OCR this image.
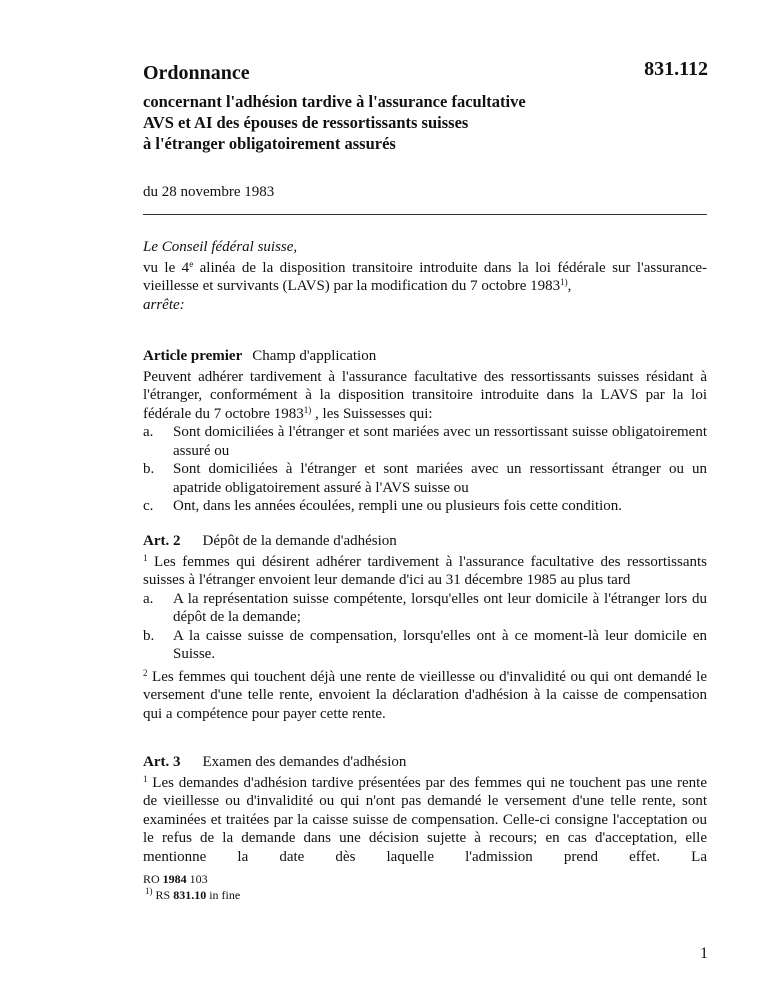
Ordonnance	831.112
concernant l'adhésion tardive à l'assurance facultative
AVS et AI des épouses de ressortissants suisses
à l'étranger obligatoirement assurés
du 28 novembre 1983
Le Conseil fédéral suisse,
vu le 4e alinéa de la disposition transitoire introduite dans la loi fédérale sur l'assurance-vieillesse et survivants (LAVS) par la modification du 7 octobre 1983$^{1)}$,
arrête:
Article premier Champ d'application
Peuvent adhérer tardivement à l'assurance facultative des ressortissants suisses résidant à l'étranger, conformément à la disposition transitoire introduite dans la LAVS par la loi fédérale du 7 octobre 1983$^{1)}$ , les Suissesses qui:
a.	Sont domiciliées à l'étranger et sont mariées avec un ressortissant suisse obligatoirement assuré ou
b.	Sont domiciliées à l'étranger et sont mariées avec un ressortissant étranger ou un apatride obligatoirement assuré à l'AVS suisse ou
c.	Ont, dans les années écoulées, rempli une ou plusieurs fois cette condition.
Art. 2 Dépôt de la demande d'adhésion
$^1$ Les femmes qui désirent adhérer tardivement à l'assurance facultative des ressortissants suisses à l'étranger envoient leur demande d'ici au 31 décembre 1985 au plus tard
a.	A la représentation suisse compétente, lorsqu'elles ont leur domicile à l'étranger lors du dépôt de la demande;
b.	A la caisse suisse de compensation, lorsqu'elles ont à ce moment-là leur domicile en Suisse.
$^2$ Les femmes qui touchent déjà une rente de vieillesse ou d'invalidité ou qui ont demandé le versement d'une telle rente, envoient la déclaration d'adhésion à la caisse de compensation qui a compétence pour payer cette rente.
Art. 3 Examen des demandes d'adhésion
$^1$ Les demandes d'adhésion tardive présentées par des femmes qui ne touchent pas une rente de vieillesse ou d'invalidité ou qui n'ont pas demandé le versement d'une telle rente, sont examinées et traitées par la caisse suisse de compensation. Celle-ci consigne l'acceptation ou le refus de la demande dans une décision sujette à recours; en cas d'acceptation, elle mentionne la date dès laquelle l'admission prend effet. La
RO 1984 103
$^{1)}$ RS 831.10 in fine
1
